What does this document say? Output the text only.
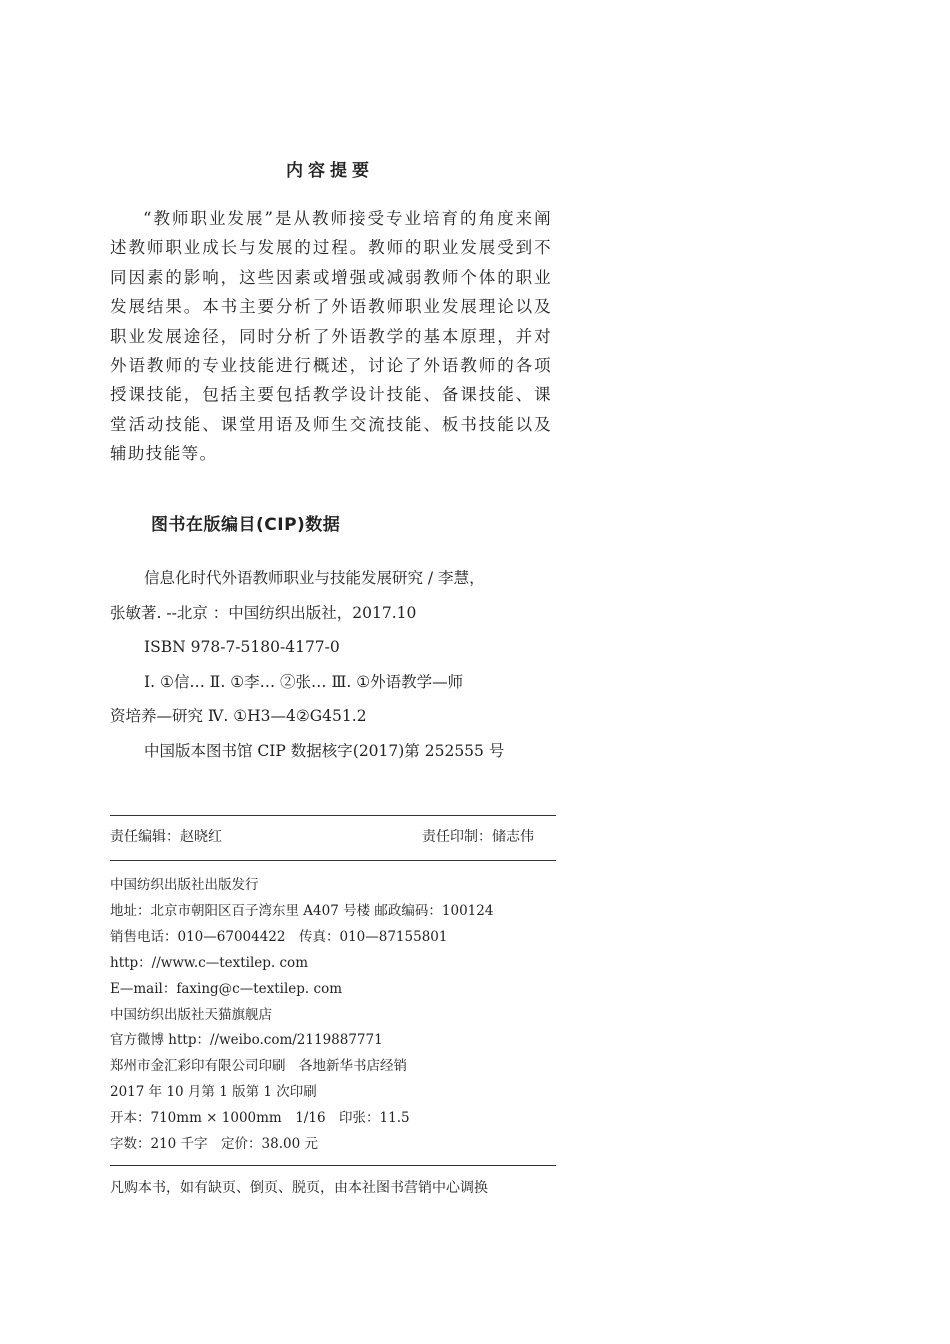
内容提要

“教师职业发展”是从教师接受专业培育的角度来阐述教师职业成长与发展的过程。教师的职业发展受到不同因素的影响，这些因素或增强或减弱教师个体的职业发展结果。本书主要分析了外语教师职业发展理论以及职业发展途径，同时分析了外语教学的基本原理，并对外语教师的专业技能进行概述，讨论了外语教师的各项授课技能，包括主要包括教学设计技能、备课技能、课堂活动技能、课堂用语及师生交流技能、板书技能以及辅助技能等。

图书在版编目(CIP)数据
信息化时代外语教师职业与技能发展研究 / 李慧，
张敏著. --北京 ：中国纺织出版社，2017.10
ISBN 978-7-5180-4177-0
Ⅰ. ①信… Ⅱ. ①李… ②张… Ⅲ. ①外语教学—师
资培养—研究 Ⅳ. ①H3—4②G451.2
中国版本图书馆 CIP 数据核字(2017)第 252555 号
责任编辑：赵晓红	责任印制：储志伟
中国纺织出版社出版发行
地址：北京市朝阳区百子湾东里 A407 号楼 邮政编码：100124
销售电话：010—67004422　传真：010—87155801
http：//www.c—textilep. com
E—mail：faxing@c—textilep. com
中国纺织出版社天猫旗舰店
官方微博 http：//weibo.com/2119887771
郑州市金汇彩印有限公司印刷　各地新华书店经销
2017 年 10 月第 1 版第 1 次印刷
开本：710mm × 1000mm　1/16　印张：11.5
字数：210 千字　定价：38.00 元
凡购本书，如有缺页、倒页、脱页，由本社图书营销中心调换
